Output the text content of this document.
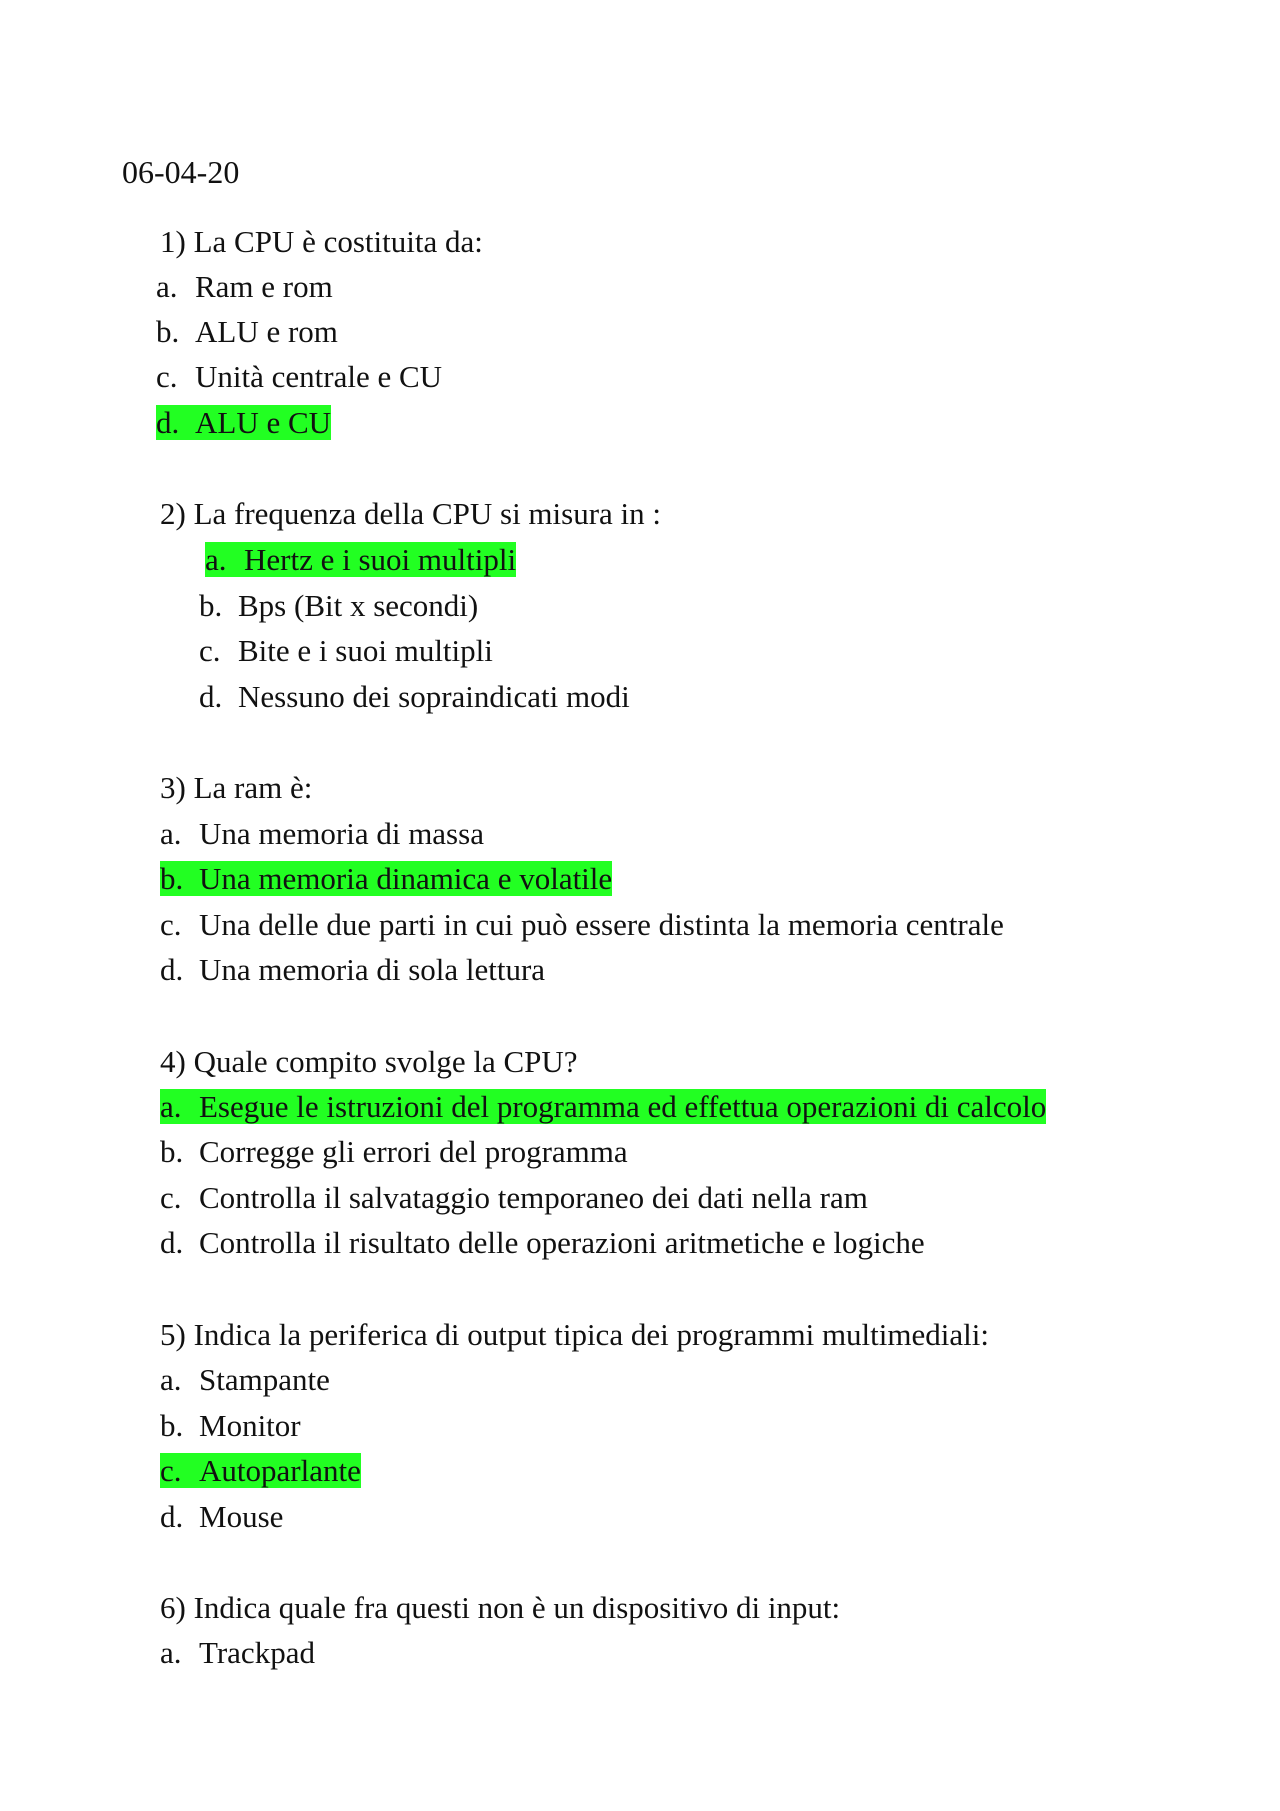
06-04-20
1) La CPU è costituita da:
a. Ram e rom
b. ALU e rom
c. Unità centrale e CU
d. ALU e CU
2) La frequenza della CPU si misura in :
a. Hertz e i suoi multipli
b. Bps (Bit x secondi)
c. Bite e i suoi multipli
d. Nessuno dei sopraindicati modi
3) La ram è:
a. Una memoria di massa
b. Una memoria dinamica e volatile
c. Una delle due parti in cui può essere distinta la memoria centrale
d. Una memoria di sola lettura
4) Quale compito svolge la CPU?
a. Esegue le istruzioni del programma ed effettua operazioni di calcolo
b. Corregge gli errori del programma
c. Controlla il salvataggio temporaneo dei dati nella ram
d. Controlla il risultato delle operazioni aritmetiche e logiche
5) Indica la periferica di output tipica dei programmi multimediali:
a. Stampante
b. Monitor
c. Autoparlante
d. Mouse
6) Indica quale fra questi non è un dispositivo di input:
a. Trackpad
